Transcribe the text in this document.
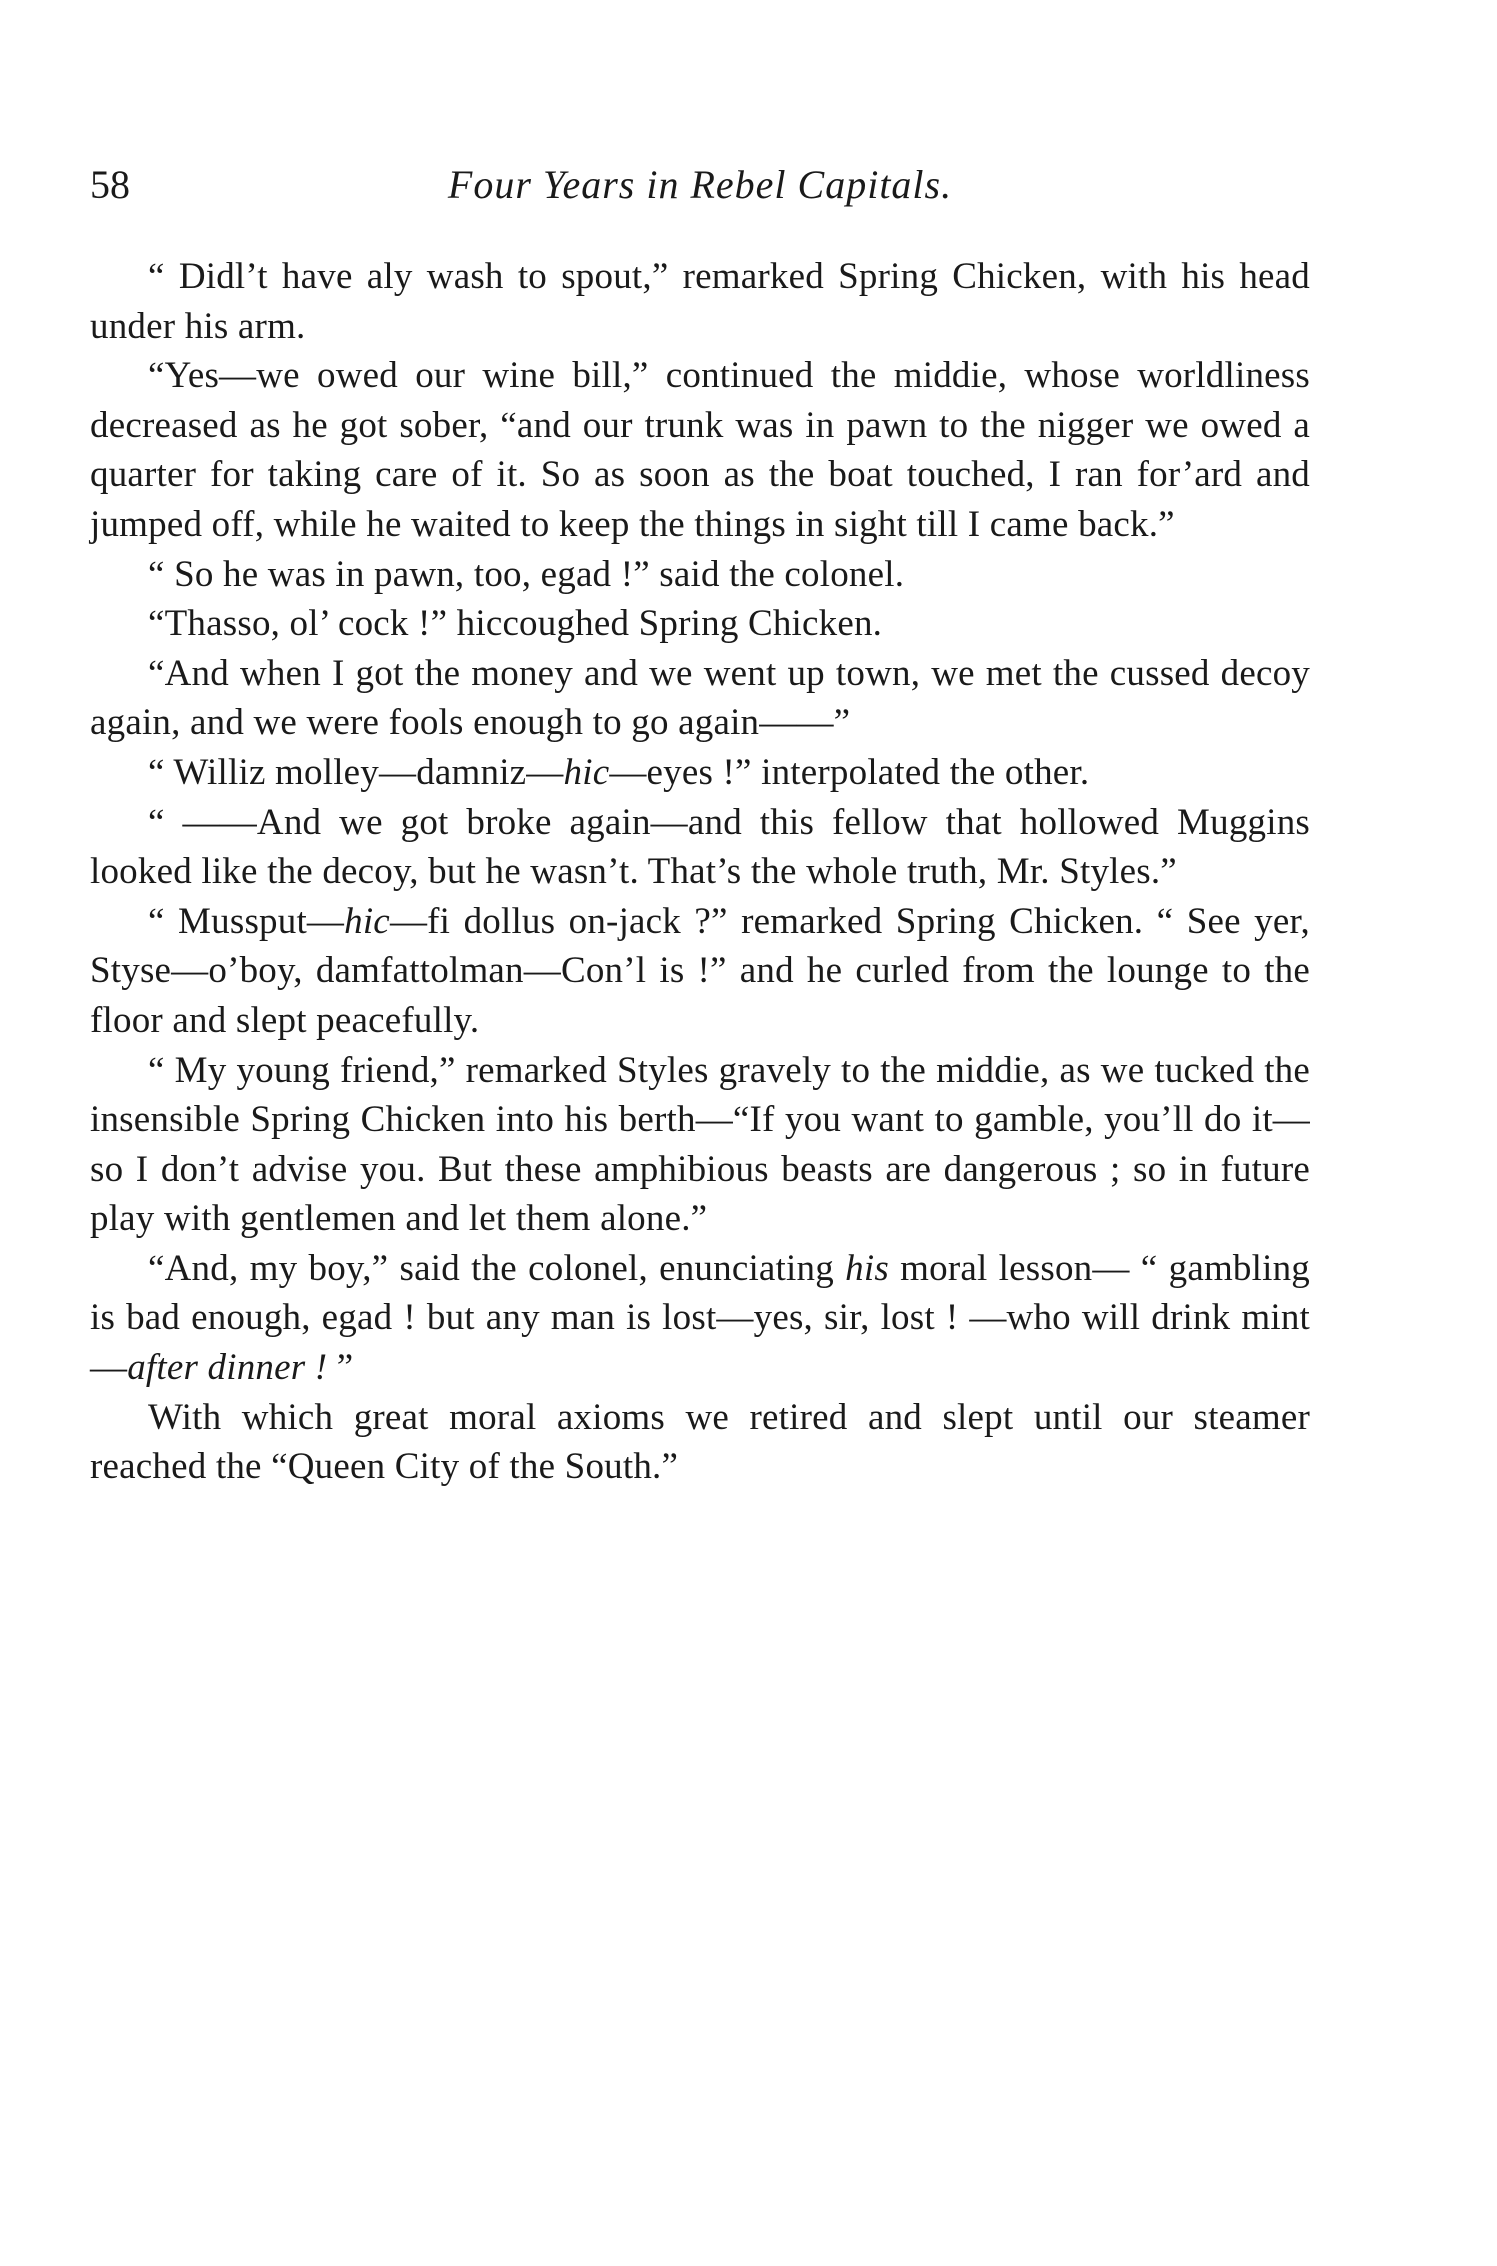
58	Four Years in Rebel Capitals.

“ Didl’t have aly wash to spout,” remarked Spring Chicken, with his head under his arm.

“Yes—we owed our wine bill,” continued the middie, whose worldliness decreased as he got sober, “and our trunk was in pawn to the nigger we owed a quarter for taking care of it. So as soon as the boat touched, I ran for’ard and jumped off, while he waited to keep the things in sight till I came back.”

“ So he was in pawn, too, egad !” said the colonel.

“Thasso, ol’ cock !” hiccoughed Spring Chicken.

“And when I got the money and we went up town, we met the cussed decoy again, and we were fools enough to go again——”

“ Williz molley—damniz—hic—eyes !” interpolated the other.

“ ——And we got broke again—and this fellow that hollowed Muggins looked like the decoy, but he wasn’t. That’s the whole truth, Mr. Styles.”

“ Mussput—hic—fi dollus on-jack ?” remarked Spring Chicken. “ See yer, Styse—o’boy, damfattolman—Con’l is !” and he curled from the lounge to the floor and slept peacefully.

“ My young friend,” remarked Styles gravely to the middie, as we tucked the insensible Spring Chicken into his berth—“If you want to gamble, you’ll do it—so I don’t advise you. But these amphibious beasts are dangerous ; so in future play with gentlemen and let them alone.”

“And, my boy,” said the colonel, enunciating his moral lesson— “ gambling is bad enough, egad ! but any man is lost—yes, sir, lost ! —who will drink mint—after dinner ! ”

With which great moral axioms we retired and slept until our steamer reached the “Queen City of the South.”
